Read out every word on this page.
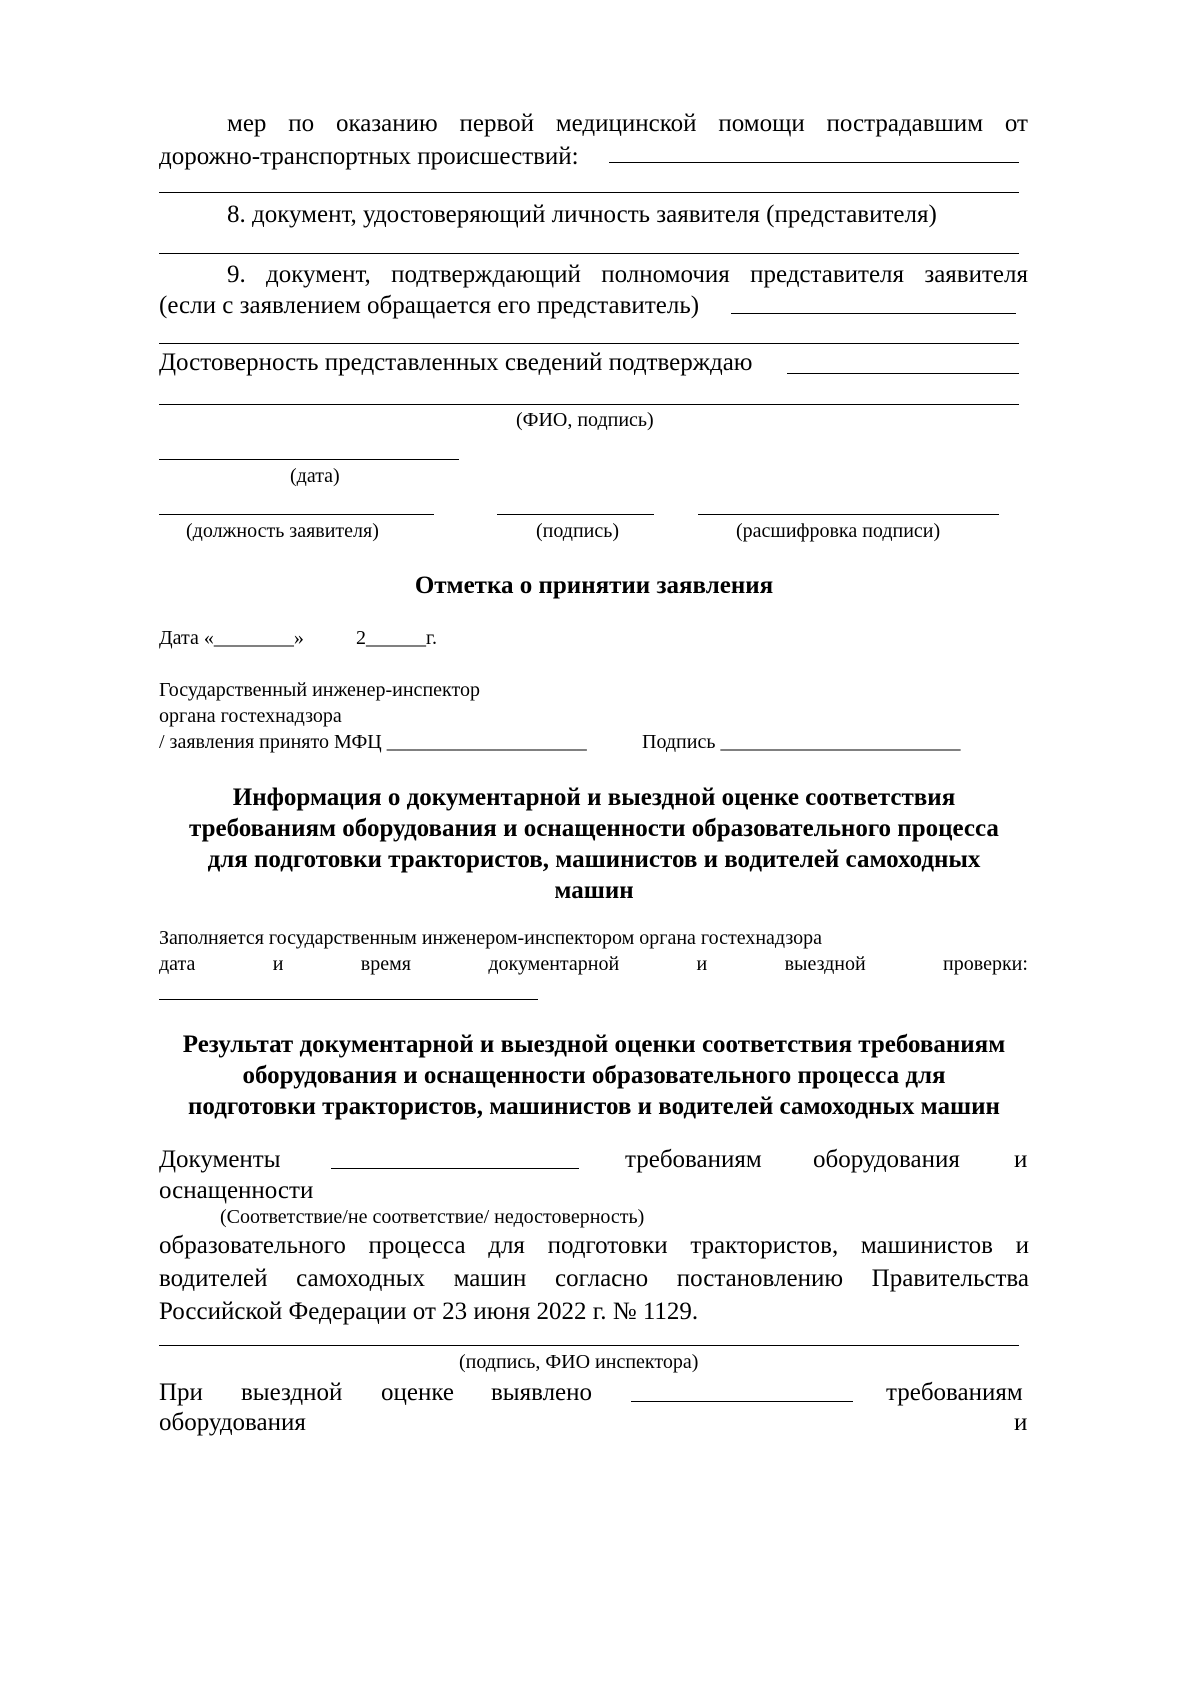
мер по оказанию первой медицинской помощи пострадавшим от
дорожно-транспортных происшествий:
8. документ, удостоверяющий личность заявителя (представителя)
9. документ, подтверждающий полномочия представителя заявителя
(если с заявлением обращается его представитель)
Достоверность представленных сведений подтверждаю
(ФИО, подпись)
(дата)
(должность заявителя)	(подпись)	(расшифровка подписи)
Отметка о принятии заявления
Дата «________»	2______г.
Государственный инженер-инспектор
органа гостехнадзора
/ заявления принято МФЦ ____________________	Подпись ________________________
Информация о документарной и выездной оценке соответствия
требованиям оборудования и оснащенности образовательного процесса
для подготовки трактористов, машинистов и водителей самоходных
машин
Заполняется государственным инженером-инспектором органа гостехнадзора
дата	и	время	документарной	и	выездной	проверки:
Результат документарной и выездной оценки соответствия требованиям
оборудования и оснащенности образовательного процесса для
подготовки трактористов, машинистов и водителей самоходных машин
Документы	требованиям оборудования и
оснащенности
(Соответствие/не соответствие/ недостоверность)
образовательного процесса для подготовки трактористов, машинистов и водителей самоходных машин согласно постановлению Правительства Российской Федерации от 23 июня 2022 г. № 1129.
(подпись, ФИО инспектора)
При выездной оценке выявлено	требованиям
оборудования	и
